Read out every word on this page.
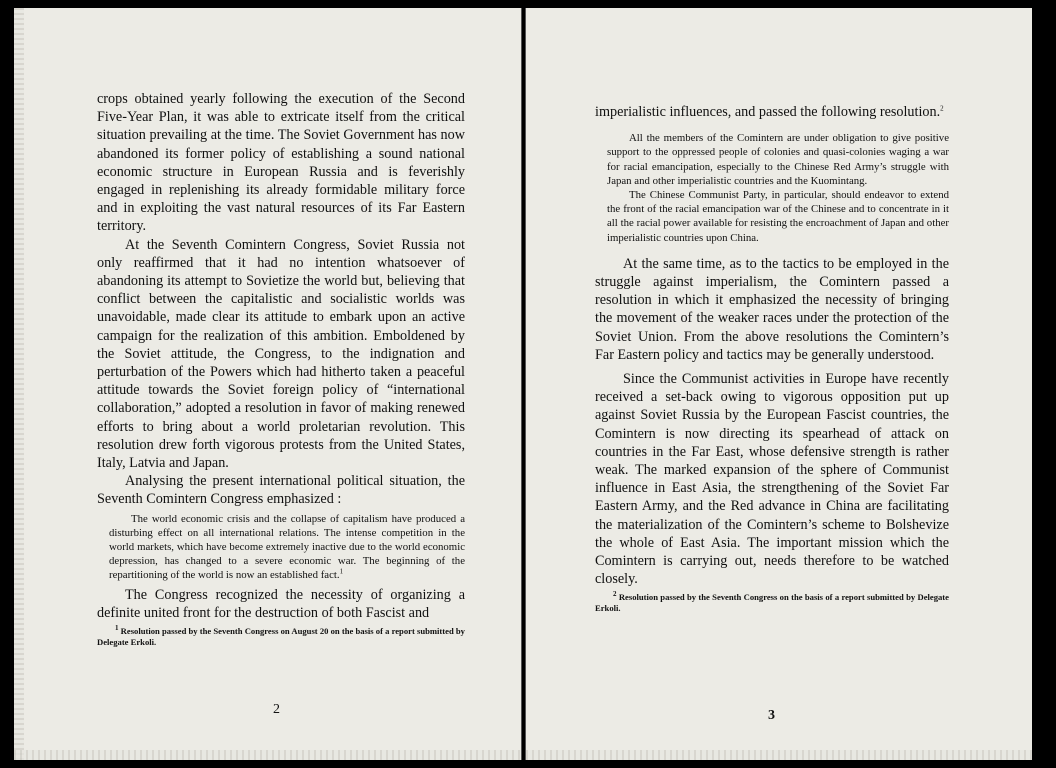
crops obtained yearly following the execution of the Second Five-Year Plan, it was able to extricate itself from the critical situation prevailing at the time. The Soviet Government has now abandoned its former policy of establishing a sound national economic structure in European Russia and is feverishly engaged in replenishing its already formidable military force and in exploiting the vast natural resources of its Far Eastern territory.

At the Seventh Comintern Congress, Soviet Russia not only reaffirmed that it had no intention whatsoever of abandoning its attempt to Sovietize the world but, believing that conflict between the capitalistic and socialistic worlds was unavoidable, made clear its attitude to embark upon an active campaign for the realization of this ambition. Emboldened by the Soviet attitude, the Congress, to the indignation and perturbation of the Powers which had hitherto taken a peaceful attitude towards the Soviet foreign policy of “international collaboration,” adopted a resolution in favor of making renewed efforts to bring about a world proletarian revolution. This resolution drew forth vigorous protests from the United States, Italy, Latvia and Japan.

Analysing the present international political situation, the Seventh Comintern Congress emphasized :

The world economic crisis and the collapse of capitalism have produced a disturbing effect on all international relations. The intense competition in the world markets, which have become extremely inactive due to the world economic depression, has changed to a severe economic war. The beginning of the repartitioning of the world is now an established fact.$^1$

The Congress recognized the necessity of organizing a definite united front for the destruction of both Fascist and

$^1$ Resolution passed by the Seventh Congress on August 20 on the basis of a report submitted by Delegate Erkoli.

2

imperialistic influences, and passed the following resolution.$^2$

All the members of the Comintern are under obligation to give positive support to the oppressed people of colonies and quasi-colonies waging a war for racial emancipation, especially to the Chinese Red Army’s struggle with Japan and other imperialistic countries and the Kuomintang.

The Chinese Communist Party, in particular, should endeavor to extend the front of the racial emancipation war of the Chinese and to concentrate in it all the racial power available for resisting the encroachment of Japan and other imperialistic countries upon China.

At the same time, as to the tactics to be employed in the struggle against imperialism, the Comintern passed a resolution in which it emphasized the necessity of bringing the movement of the weaker races under the protection of the Soviet Union. From the above resolutions the Comintern’s Far Eastern policy and tactics may be generally understood.

Since the Communist activities in Europe have recently received a set-back owing to vigorous opposition put up against Soviet Russia by the European Fascist countries, the Comintern is now directing its spearhead of attack on countries in the Far East, whose defensive strength is rather weak. The marked expansion of the sphere of Communist influence in East Asia, the strengthening of the Soviet Far Eastern Army, and the Red advance in China are facilitating the materialization of the Comintern’s scheme to Bolshevize the whole of East Asia. The important mission which the Comintern is carrying out, needs therefore to be watched closely.

$^2$ Resolution passed by the Seventh Congress on the basis of a report submitted by Delegate Erkoli.

3
